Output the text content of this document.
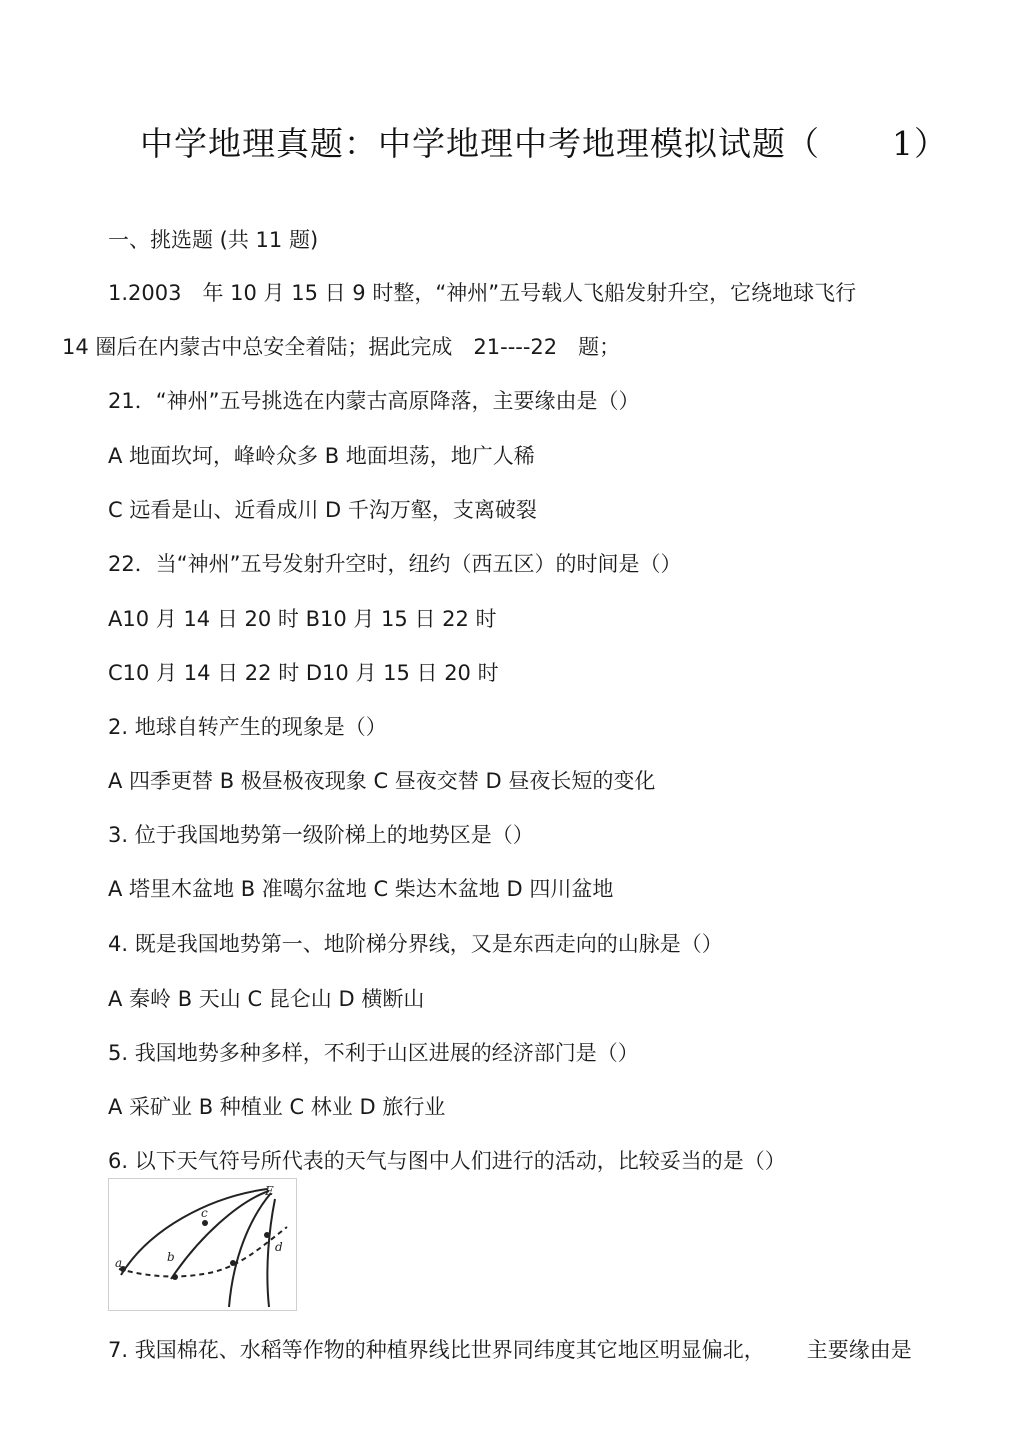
中学地理真题：中学地理中考地理模拟试题（ 1）
一、挑选题 (共 11 题)
1.2003　年 10 月 15 日 9 时整，“神州”五号载人飞船发射升空，它绕地球飞行
14 圈后在内蒙古中总安全着陆；据此完成　21----22　题；
21．“神州”五号挑选在内蒙古高原降落，主要缘由是（）
A 地面坎坷，峰岭众多 B 地面坦荡，地广人稀
C 远看是山、近看成川 D 千沟万壑，支离破裂
22．当“神州”五号发射升空时，纽约（西五区）的时间是（）
A10 月 14 日 20 时 B10 月 15 日 22 时
C10 月 14 日 22 时 D10 月 15 日 20 时
2. 地球自转产生的现象是（）
A 四季更替 B 极昼极夜现象 C 昼夜交替 D 昼夜长短的变化
3. 位于我国地势第一级阶梯上的地势区是（）
A 塔里木盆地 B 准噶尔盆地 C 柴达木盆地 D 四川盆地
4. 既是我国地势第一、地阶梯分界线，又是东西走向的山脉是（）
A 秦岭 B 天山 C 昆仑山 D 横断山
5. 我国地势多种多样，不利于山区进展的经济部门是（）
A 采矿业 B 种植业 C 林业 D 旅行业
6. 以下天气符号所代表的天气与图中人们进行的活动，比较妥当的是（）
a	b
c
d
E
7. 我国棉花、水稻等作物的种植界线比世界同纬度其它地区明显偏北， 主要缘由是
